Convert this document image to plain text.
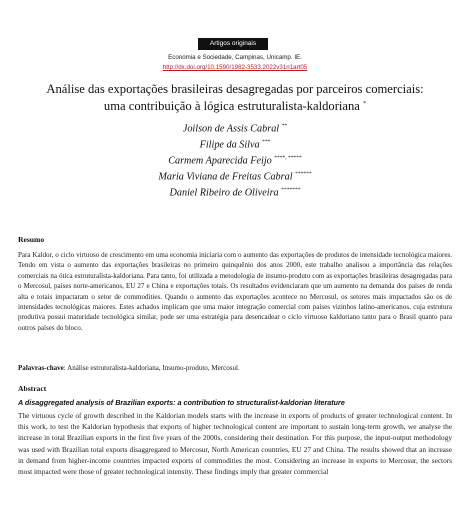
Artigos originais
Economia e Sociedade, Campinas, Unicamp. IE.
http://dx.doi.org/10.1590/1982-3533.2022v31n1art05
Análise das exportações brasileiras desagregadas por parceiros comerciais:
uma contribuição à lógica estruturalista-kaldoriana *
Joilson de Assis Cabral **
Filipe da Silva ***
Carmem Aparecida Feijo ****, *****
Maria Viviana de Freitas Cabral ******
Daniel Ribeiro de Oliveira *******
Resumo

Para Kaldor, o ciclo virtuoso de crescimento em uma economia iniciaria com o aumento das exportações de produtos de intensidade tecnológica maiores. Tendo em vista o aumento das exportações brasileiras no primeiro quinquênio dos anos 2000, este trabalho analisou a importância das relações comerciais na ótica estruturalista-kaldoriana. Para tanto, foi utilizada a metodologia de insumo-produto com as exportações brasileiras desagregadas para o Mercosul, países norte-americanos, EU 27 e China e exportações totais. Os resultados evidenciaram que um aumento na demanda dos países de renda alta e totais impactaram o setor de commodities. Quando o aumento das exportações acontece no Mercosul, os setores mais impactados são os de intensidades tecnológicas maiores. Estes achados implicam que uma maior integração comercial com países vizinhos latino-americanos, cuja estrutura produtiva possui maturidade tecnológica similar, pode ser uma estratégia para desencadear o ciclo virtuoso kaldoriano tanto para o Brasil quanto para outros países do bloco.

Palavras-chave: Análise estruturalista-kaldoriana, Insumo-produto, Mercosul.
Abstract
A disaggregated analysis of Brazilian exports: a contribution to structuralist-kaldorian literature

The virtuous cycle of growth described in the Kaldorian models starts with the increase in exports of products of greater technological content. In this work, to test the Kaldorian hypothesis that exports of higher technological content are important to sustain long-term growth, we analyse the increase in total Brazilian exports in the first five years of the 2000s, considering their destination. For this purpose, the input-output methodology was used with Brazilian total exports disaggregated to Mercosur, North American countries, EU 27 and China. The results showed that an increase in demand from higher-income countries impacted exports of commodities the most. Considering an increase in exports to Mercosur, the sectors most impacted were those of greater technological intensity. These findings imply that greater commercial
